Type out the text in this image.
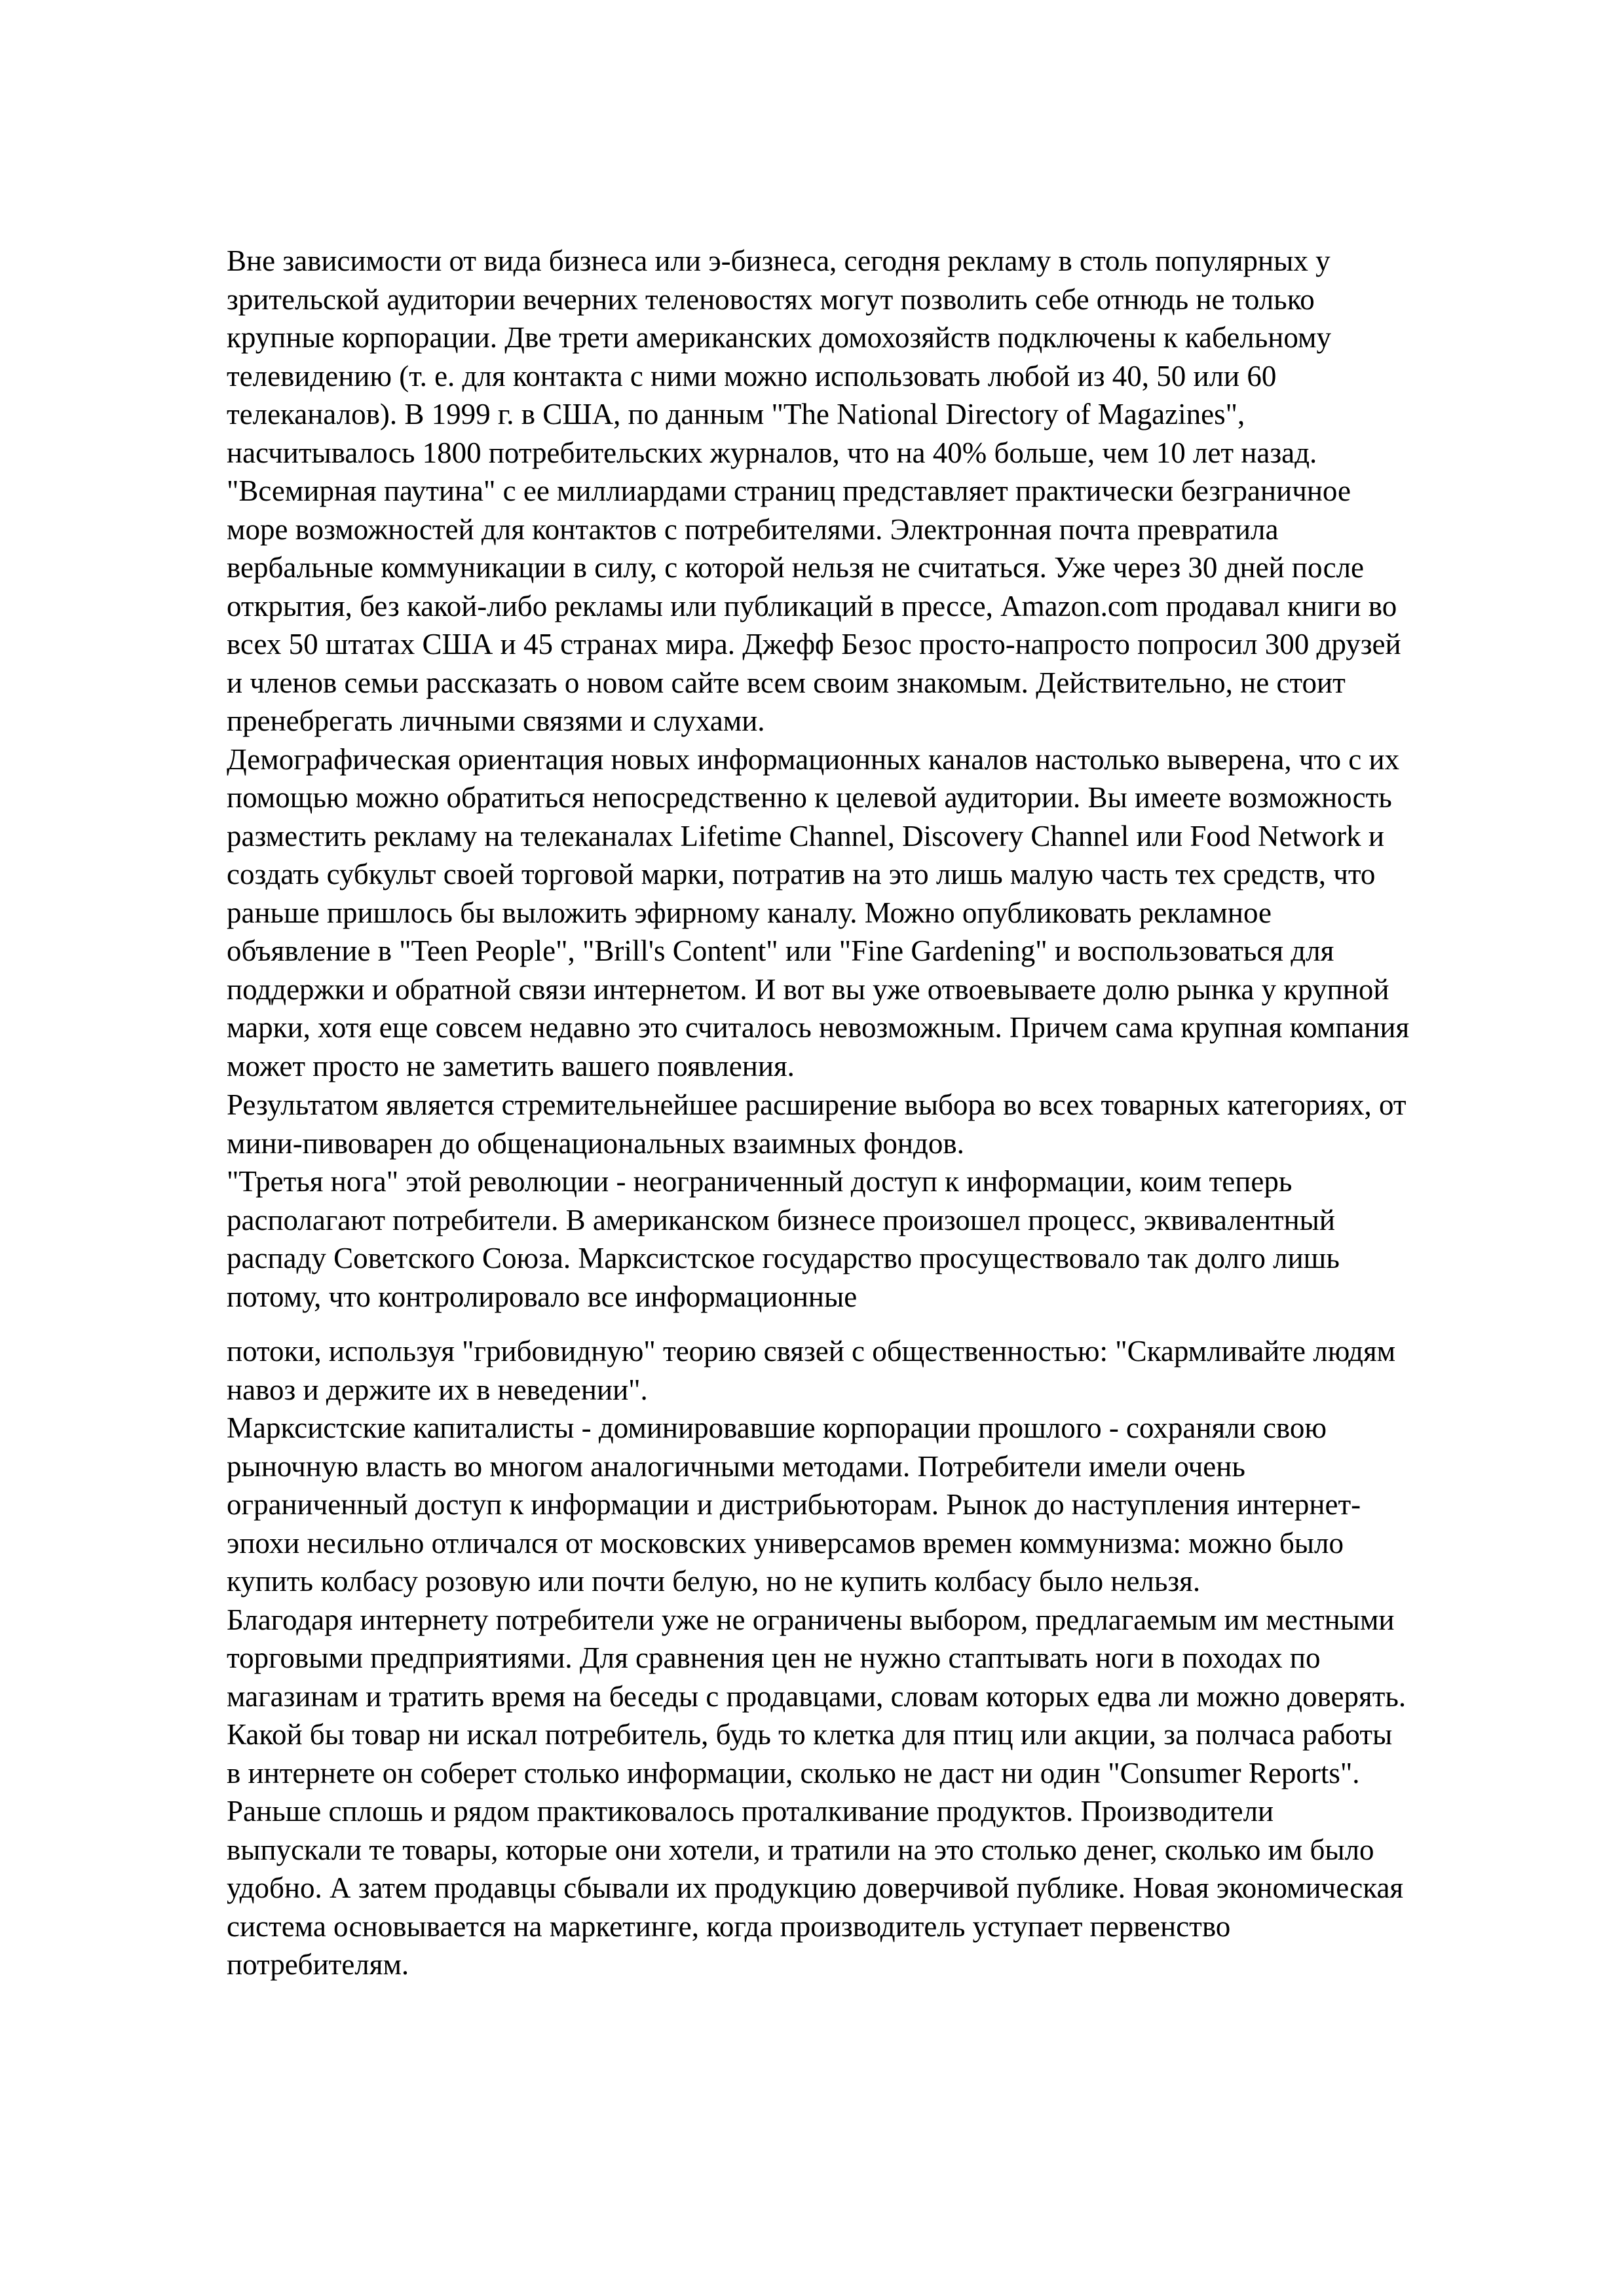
Вне зависимости от вида бизнеса или э-бизнеса, сегодня рекламу в столь популярных у
зрительской аудитории вечерних теленовостях могут позволить себе отнюдь не только
крупные корпорации. Две трети американских домохозяйств подключены к кабельному
телевидению (т. е. для контакта с ними можно использовать любой из 40, 50 или 60
телеканалов). В 1999 г. в США, по данным "The National Directory of Magazines",
насчитывалось 1800 потребительских журналов, что на 40% больше, чем 10 лет назад.
"Всемирная паутина" с ее миллиардами страниц представляет практически безграничное
море возможностей для контактов с потребителями. Электронная почта превратила
вербальные коммуникации в силу, с которой нельзя не считаться. Уже через 30 дней после
открытия, без какой-либо рекламы или публикаций в прессе, Amazon.com продавал книги во
всех 50 штатах США и 45 странах мира. Джефф Безос просто-напросто попросил 300 друзей
и членов семьи рассказать о новом сайте всем своим знакомым. Действительно, не стоит
пренебрегать личными связями и слухами.
Демографическая ориентация новых информационных каналов настолько выверена, что с их
помощью можно обратиться непосредственно к целевой аудитории. Вы имеете возможность
разместить рекламу на телеканалах Lifetime Channel, Discovery Channel или Food Network и
создать субкульт своей торговой марки, потратив на это лишь малую часть тех средств, что
раньше пришлось бы выложить эфирному каналу. Можно опубликовать рекламное
объявление в "Teen People", "Brill's Content" или "Fine Gardening" и воспользоваться для
поддержки и обратной связи интернетом. И вот вы уже отвоевываете долю рынка у крупной
марки, хотя еще совсем недавно это считалось невозможным. Причем сама крупная компания
может просто не заметить вашего появления.
Результатом является стремительнейшее расширение выбора во всех товарных категориях, от
мини-пивоварен до общенациональных взаимных фондов.
"Третья нога" этой революции - неограниченный доступ к информации, коим теперь
располагают потребители. В американском бизнесе произошел процесс, эквивалентный
распаду Советского Союза. Марксистское государство просуществовало так долго лишь
потому, что контролировало все информационные
потоки, используя "грибовидную" теорию связей с общественностью: "Скармливайте людям
навоз и держите их в неведении".
Марксистские капиталисты - доминировавшие корпорации прошлого - сохраняли свою
рыночную власть во многом аналогичными методами. Потребители имели очень
ограниченный доступ к информации и дистрибьюторам. Рынок до наступления интернет-
эпохи несильно отличался от московских универсамов времен коммунизма: можно было
купить колбасу розовую или почти белую, но не купить колбасу было нельзя.
Благодаря интернету потребители уже не ограничены выбором, предлагаемым им местными
торговыми предприятиями. Для сравнения цен не нужно стаптывать ноги в походах по
магазинам и тратить время на беседы с продавцами, словам которых едва ли можно доверять.
Какой бы товар ни искал потребитель, будь то клетка для птиц или акции, за полчаса работы
в интернете он соберет столько информации, сколько не даст ни один "Consumer Reports".
Раньше сплошь и рядом практиковалось проталкивание продуктов. Производители
выпускали те товары, которые они хотели, и тратили на это столько денег, сколько им было
удобно. А затем продавцы сбывали их продукцию доверчивой публике. Новая экономическая
система основывается на маркетинге, когда производитель уступает первенство
потребителям.
